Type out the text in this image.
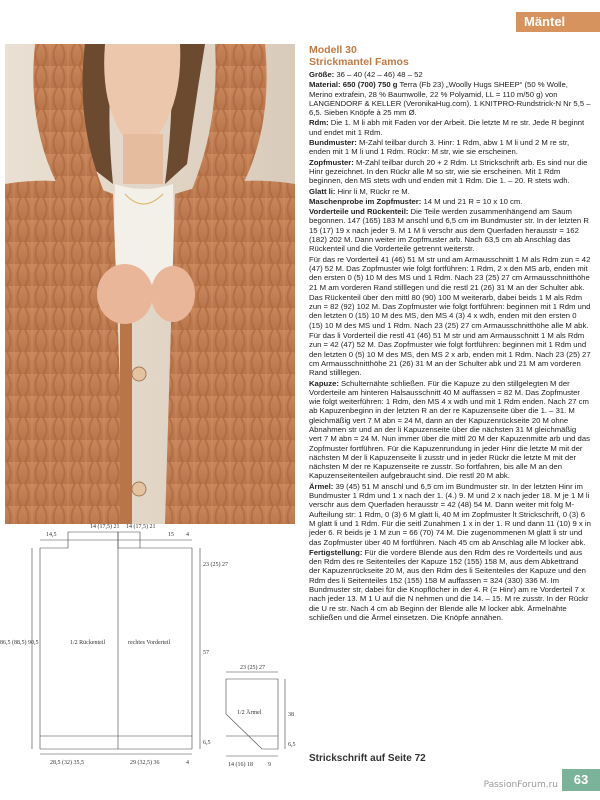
Mäntel
Modell 30
Strickmantel Famos

Größe: 36 – 40 (42 – 46) 48 – 52

Material: 650 (700) 750 g Terra (Fb 23) „Woolly Hugs SHEEP“ (50 % Wolle, Merino extrafein, 28 % Baumwolle, 22 % Polyamid, LL = 110 m/50 g) von LANGENDORF & KELLER (VeronikaHug.com). 1 KNITPRO-Rundstrick-N Nr 5,5 – 6,5. Sieben Knöpfe à 25 mm Ø.

Rdm: Die 1. M li abh mit Faden vor der Arbeit. Die letzte M re str. Jede R beginnt und endet mit 1 Rdm.

Bundmuster: M-Zahl teilbar durch 3. Hinr: 1 Rdm, abw 1 M li und 2 M re str, enden mit 1 M li und 1 Rdm. Rückr: M str, wie sie erscheinen.

Zopfmuster: M-Zahl teilbar durch 20 + 2 Rdm. Lt Strickschrift arb. Es sind nur die Hinr gezeichnet. In den Rückr alle M so str, wie sie erscheinen. Mit 1 Rdm beginnen, den MS stets wdh und enden mit 1 Rdm. Die 1. – 20. R stets wdh.

Glatt li: Hinr li M, Rückr re M.

Maschenprobe im Zopfmuster: 14 M und 21 R = 10 x 10 cm.

Vorderteile und Rückenteil: Die Teile werden zusammenhängend am Saum begonnen. 147 (165) 183 M anschl und 6,5 cm im Bundmuster str. In der letzten R 15 (17) 19 x nach jeder 9. M 1 M li verschr aus dem Querfaden herausstr = 162 (182) 202 M. Dann weiter im Zopfmuster arb. Nach 63,5 cm ab Anschlag das Rückenteil und die Vorderteile getrennt weiterstr.

Für das re Vorderteil 41 (46) 51 M str und am Armausschnitt 1 M als Rdm zun = 42 (47) 52 M. Das Zopfmuster wie folgt fortführen: 1 Rdm, 2 x den MS arb, enden mit den ersten 0 (5) 10 M des MS und 1 Rdm. Nach 23 (25) 27 cm Armausschnitthöhe 21 M am vorderen Rand stilllegen und die restl 21 (26) 31 M an der Schulter abk.

Das Rückenteil über den mittl 80 (90) 100 M weiterarb, dabei beids 1 M als Rdm zun = 82 (92) 102 M. Das Zopfmuster wie folgt fortführen: beginnen mit 1 Rdm und den letzten 0 (15) 10 M des MS, den MS 4 (3) 4 x wdh, enden mit den ersten 0 (15) 10 M des MS und 1 Rdm. Nach 23 (25) 27 cm Armausschnitthöhe alle M abk.

Für das li Vorderteil die restl 41 (46) 51 M str und am Armausschnitt 1 M als Rdm zun = 42 (47) 52 M. Das Zopfmuster wie folgt fortführen: beginnen mit 1 Rdm und den letzten 0 (5) 10 M des MS, den MS 2 x arb, enden mit 1 Rdm. Nach 23 (25) 27 cm Armausschnitthöhe 21 (26) 31 M an der Schulter abk und 21 M am vorderen Rand stilllegen.

Kapuze: Schulternähte schließen. Für die Kapuze zu den stillgelegten M der Vorderteile am hinteren Halsausschnitt 40 M auffassen = 82 M. Das Zopfmuster wie folgt weiterführen: 1 Rdm, den MS 4 x wdh und mit 1 Rdm enden. Nach 27 cm ab Kapuzenbeginn in der letzten R an der re Kapuzenseite über die 1. – 31. M gleichmäßig vert 7 M abn = 24 M, dann an der Kapuzenrückseite 20 M ohne Abnahmen str und an der li Kapuzenseite über die nächsten 31 M gleichmäßig vert 7 M abn = 24 M. Nun immer über die mittl 20 M der Kapuzenmitte arb und das Zopfmuster fortführen. Für die Kapuzenrundung in jeder Hinr die letzte M mit der nächsten M der li Kapuzenseite li zusstr und in jeder Rückr die letzte M mit der nächsten M der re Kapuzenseite re zusstr. So fortfahren, bis alle M an den Kapuzenseitenteilen aufgebraucht sind. Die restl 20 M abk.

Ärmel: 39 (45) 51 M anschl und 6,5 cm im Bundmuster str. In der letzten Hinr im Bundmuster 1 Rdm und 1 x nach der 1. (4.) 9. M und 2 x nach jeder 18. M je 1 M li verschr aus dem Querfaden herausstr = 42 (48) 54 M. Dann weiter mit folg M-Aufteilung str: 1 Rdm, 0 (3) 6 M glatt li, 40 M im Zopfmuster lt Strickschrift, 0 (3) 6 M glatt li und 1 Rdm. Für die seitl Zunahmen 1 x in der 1. R und dann 11 (10) 9 x in jeder 6. R beids je 1 M zun = 66 (70) 74 M. Die zugenommenen M glatt li str und das Zopfmuster über 40 M fortführen. Nach 45 cm ab Anschlag alle M locker abk.

Fertigstellung: Für die vordere Blende aus den Rdm des re Vorderteils und aus den Rdm des re Seitenteiles der Kapuze 152 (155) 158 M, aus dem Abkettrand der Kapuzenrückseite 20 M, aus den Rdm des li Seitenteiles der Kapuze und den Rdm des li Seitenteiles 152 (155) 158 M auffassen = 324 (330) 336 M. Im Bundmuster str, dabei für die Knopflöcher in der 4. R (= Hinr) am re Vorderteil 7 x nach jeder 13. M 1 U auf die N nehmen und die 14. – 15. M re zusstr. In der Rückr die U re str. Nach 4 cm ab Beginn der Blende alle M locker abk. Ärmelnähte schließen und die Ärmel einsetzen. Die Knöpfe annähen.

1/2 Rückenteil	rechtes Vorderteil
1/2 Ärmel
14,5
14 (17,5) 21 14 (17,5) 21
15 4
23 (25) 27
57
6,5
86,5 (88,5) 90,5
28,5 (32) 35,5	29 (32,5) 36	4
23 (25) 27
38
6,5
14 (16) 18	9
Strickschrift auf Seite 72
PassionForum.ru	63
